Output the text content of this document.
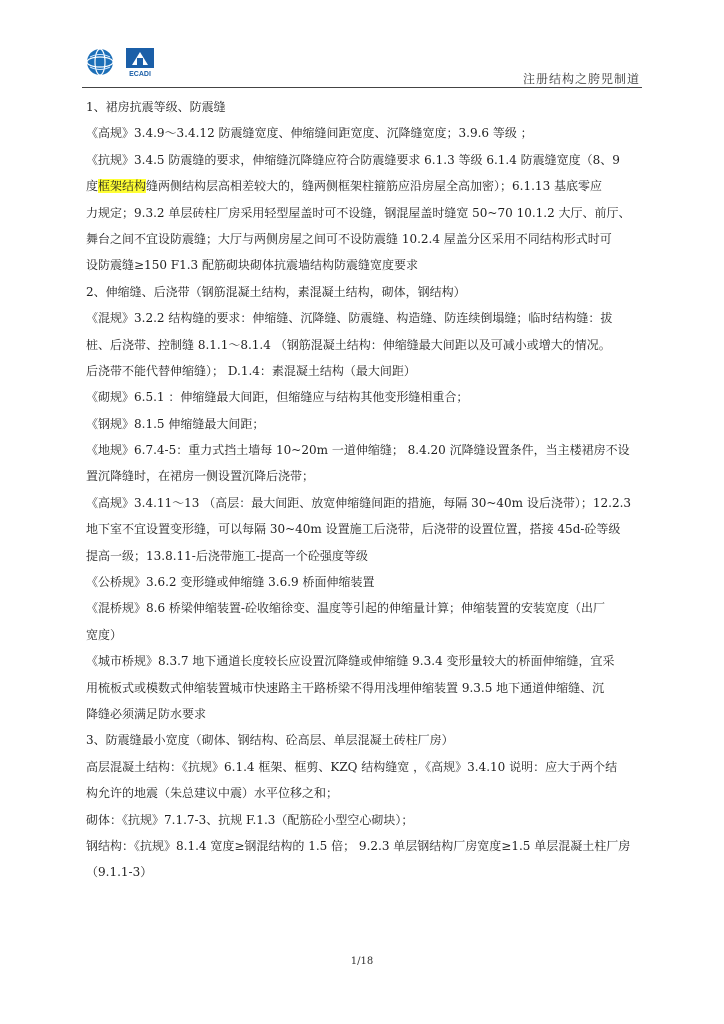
ECADI	注册结构之胯兕制道
1、裙房抗震等级、防震缝
《高规》3.4.9～3.4.12 防震缝宽度、伸缩缝间距宽度、沉降缝宽度；3.9.6 等级 ；
《抗规》3.4.5 防震缝的要求，伸缩缝沉降缝应符合防震缝要求 6.1.3 等级 6.1.4 防震缝宽度（8、9
度框架结构缝两侧结构层高相差较大的，缝两侧框架柱箍筋应沿房屋全高加密）；6.1.13 基底零应
力规定；9.3.2 单层砖柱厂房采用轻型屋盖时可不设缝，钢混屋盖时缝宽 50~70 10.1.2 大厅、前厅、
舞台之间不宜设防震缝；大厅与两侧房屋之间可不设防震缝 10.2.4 屋盖分区采用不同结构形式时可
设防震缝≥150 F1.3 配筋砌块砌体抗震墙结构防震缝宽度要求
2、伸缩缝、后浇带（钢筋混凝土结构，素混凝土结构，砌体，钢结构）
《混规》3.2.2 结构缝的要求：伸缩缝、沉降缝、防震缝、构造缝、防连续倒塌缝；临时结构缝：拔
桩、后浇带、控制缝 8.1.1～8.1.4 （钢筋混凝土结构：伸缩缝最大间距以及可减小或增大的情况。
后浇带不能代替伸缩缝）； D.1.4：素混凝土结构（最大间距）
《砌规》6.5.1 ：伸缩缝最大间距，但缩缝应与结构其他变形缝相重合；
《钢规》8.1.5 伸缩缝最大间距；
《地规》6.7.4-5：重力式挡土墙每 10~20m 一道伸缩缝； 8.4.20 沉降缝设置条件，当主楼裙房不设
置沉降缝时，在裙房一侧设置沉降后浇带；
《高规》3.4.11～13 （高层：最大间距、放宽伸缩缝间距的措施，每隔 30~40m 设后浇带）；12.2.3
地下室不宜设置变形缝，可以每隔 30~40m 设置施工后浇带，后浇带的设置位置，搭接 45d-砼等级
提高一级；13.8.11-后浇带施工-提高一个砼强度等级
《公桥规》3.6.2 变形缝或伸缩缝 3.6.9 桥面伸缩装置
《混桥规》8.6 桥梁伸缩装置-砼收缩徐变、温度等引起的伸缩量计算；伸缩装置的安装宽度（出厂
宽度）
《城市桥规》8.3.7 地下通道长度较长应设置沉降缝或伸缩缝 9.3.4 变形量较大的桥面伸缩缝，宜采
用梳板式或模数式伸缩装置城市快速路主干路桥梁不得用浅埋伸缩装置 9.3.5 地下通道伸缩缝、沉
降缝必须满足防水要求
3、防震缝最小宽度（砌体、钢结构、砼高层、单层混凝土砖柱厂房）
高层混凝土结构：《抗规》6.1.4 框架、框剪、KZQ 结构缝宽 ，《高规》3.4.10 说明：应大于两个结
构允许的地震（朱总建议中震）水平位移之和；
砌体：《抗规》7.1.7-3、抗规 F.1.3（配筋砼小型空心砌块）；
钢结构：《抗规》8.1.4 宽度≥钢混结构的 1.5 倍； 9.2.3 单层钢结构厂房宽度≥1.5 单层混凝土柱厂房
（9.1.1-3）
1/18
